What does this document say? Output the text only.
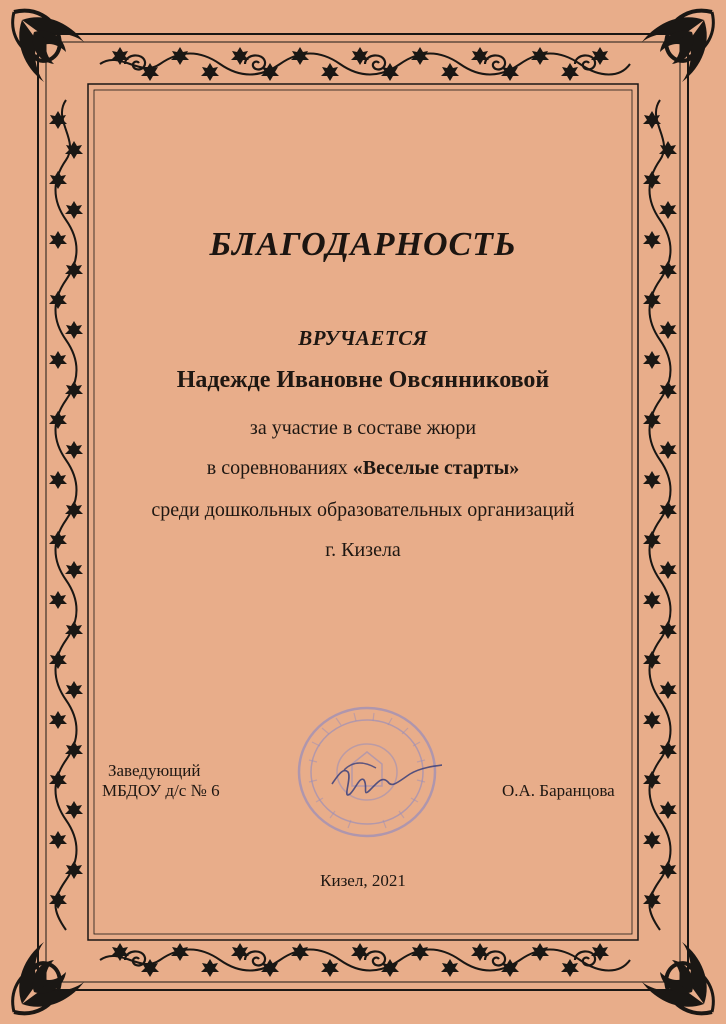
БЛАГОДАРНОСТЬ
ВРУЧАЕТСЯ
Надежде Ивановне Овсянниковой
за участие в составе жюри
в соревнованиях «Веселые старты»
среди дошкольных образовательных организаций
г. Кизела
Заведующий
МБДОУ д/с № 6	О.А. Баранцова
Кизел, 2021
